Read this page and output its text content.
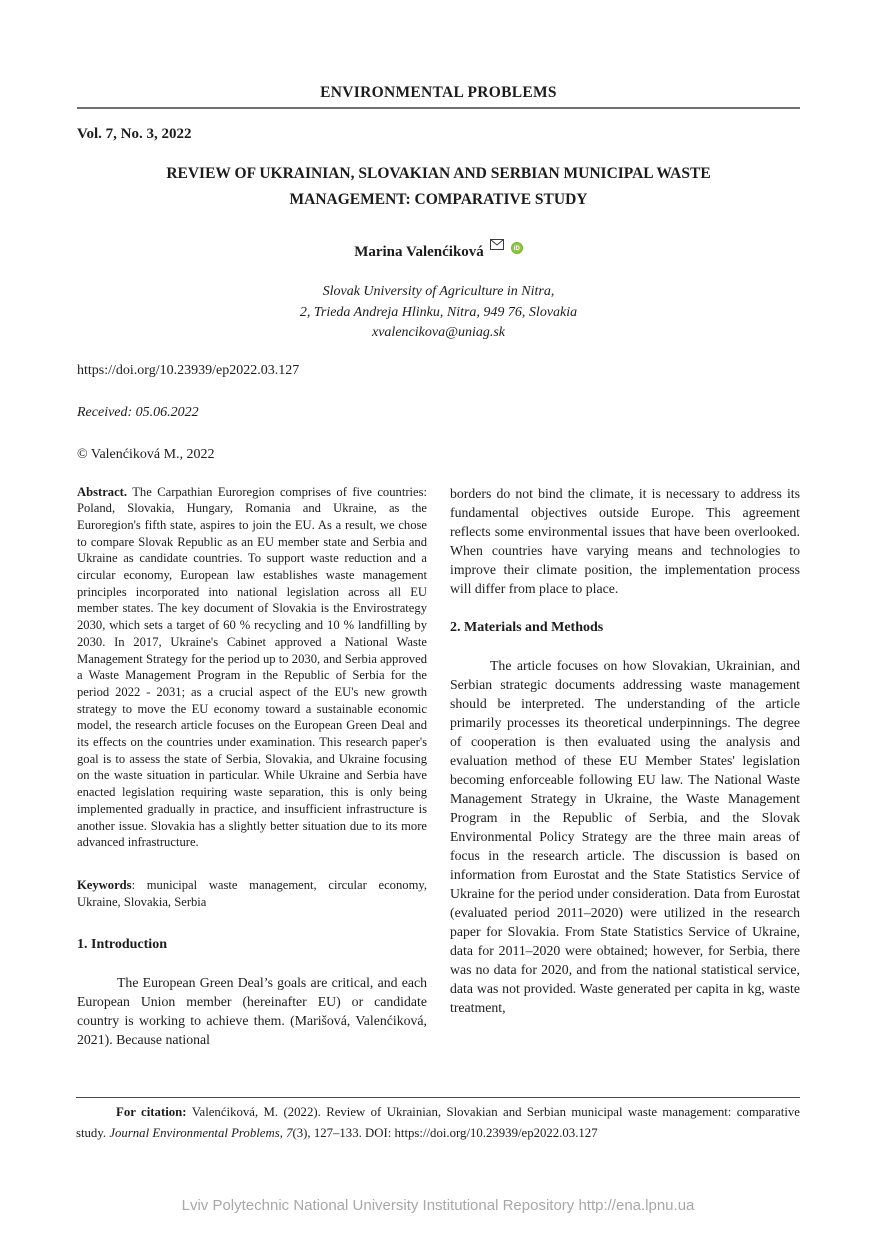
ENVIRONMENTAL PROBLEMS
Vol. 7, No. 3, 2022
REVIEW OF UKRAINIAN, SLOVAKIAN AND SERBIAN MUNICIPAL WASTE
MANAGEMENT: COMPARATIVE STUDY
Marina Valenćiková	iD
Slovak University of Agriculture in Nitra,
2, Trieda Andreja Hlinku, Nitra, 949 76, Slovakia
xvalencikova@uniag.sk
https://doi.org/10.23939/ep2022.03.127
Received: 05.06.2022
© Valenćiková M., 2022

Abstract. The Carpathian Euroregion comprises of five countries: Poland, Slovakia, Hungary, Romania and Ukraine, as the Euroregion's fifth state, aspires to join the EU. As a result, we chose to compare Slovak Republic as an EU member state and Serbia and Ukraine as candidate countries. To support waste reduction and a circular economy, European law establishes waste management principles incorporated into national legislation across all EU member states. The key document of Slovakia is the Envirostrategy 2030, which sets a target of 60 % recycling and 10 % landfilling by 2030. In 2017, Ukraine's Cabinet approved a National Waste Management Strategy for the period up to 2030, and Serbia approved a Waste Management Program in the Republic of Serbia for the period 2022 - 2031; as a crucial aspect of the EU's new growth strategy to move the EU economy toward a sustainable economic model, the research article focuses on the European Green Deal and its effects on the countries under examination. This research paper's goal is to assess the state of Serbia, Slovakia, and Ukraine focusing on the waste situation in particular. While Ukraine and Serbia have enacted legislation requiring waste separation, this is only being implemented gradually in practice, and insufficient infrastructure is another issue. Slovakia has a slightly better situation due to its more advanced infrastructure.

Keywords: municipal waste management, circular economy, Ukraine, Slovakia, Serbia

1. Introduction

The European Green Deal’s goals are critical, and each European Union member (hereinafter EU) or candidate country is working to achieve them. (Marišová, Valenćiková, 2021). Because national

borders do not bind the climate, it is necessary to address its fundamental objectives outside Europe. This agreement reflects some environmental issues that have been overlooked. When countries have varying means and technologies to improve their climate position, the implementation process will differ from place to place.

2. Materials and Methods

The article focuses on how Slovakian, Ukrainian, and Serbian strategic documents addressing waste management should be interpreted. The understanding of the article primarily processes its theoretical underpinnings. The degree of cooperation is then evaluated using the analysis and evaluation method of these EU Member States' legislation becoming enforceable following EU law. The National Waste Management Strategy in Ukraine, the Waste Management Program in the Republic of Serbia, and the Slovak Environmental Policy Strategy are the three main areas of focus in the research article. The discussion is based on information from Eurostat and the State Statistics Service of Ukraine for the period under consideration. Data from Eurostat (evaluated period 2011–2020) were utilized in the research paper for Slovakia. From State Statistics Service of Ukraine, data for 2011–2020 were obtained; however, for Serbia, there was no data for 2020, and from the national statistical service, data was not provided. Waste generated per capita in kg, waste treatment,

For citation: Valenćiková, M. (2022). Review of Ukrainian, Slovakian and Serbian municipal waste management: comparative study. Journal Environmental Problems, 7(3), 127–133. DOI: https://doi.org/10.23939/ep2022.03.127

Lviv Polytechnic National University Institutional Repository http://ena.lpnu.ua
